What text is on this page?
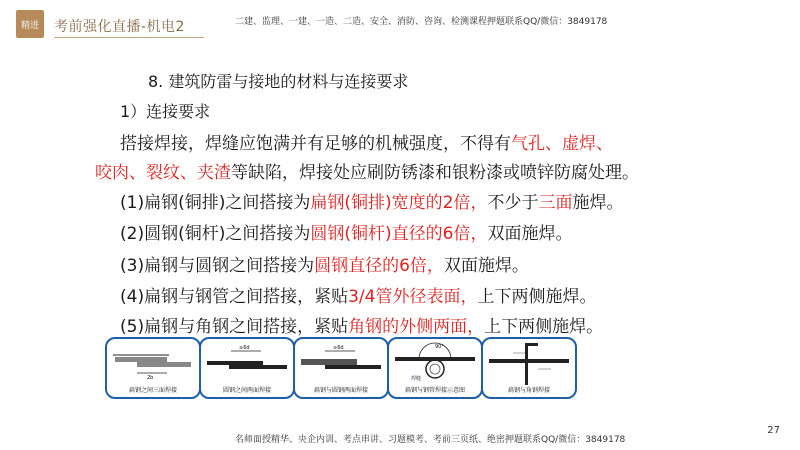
精进 考前强化直播-机电2	二建、监理、一建、一造、二造、安全、消防、咨询、检测课程押题联系QQ/微信：3849178
8. 建筑防雷与接地的材料与连接要求
1）连接要求
搭接焊接，焊缝应饱满并有足够的机械强度，不得有气孔、虚焊、
咬肉、裂纹、夹渣等缺陷，焊接处应刷防锈漆和银粉漆或喷锌防腐处理。
(1)扁钢(铜排)之间搭接为扁钢(铜排)宽度的2倍，不少于三面施焊。
(2)圆钢(铜杆)之间搭接为圆钢(铜杆)直径的6倍，双面施焊。
(3)扁钢与圆钢之间搭接为圆钢直径的6倍，双面施焊。
(4)扁钢与钢管之间搭接，紧贴3/4管外径表面，上下两侧施焊。
(5)扁钢与角钢之间搭接，紧贴角钢的外侧两面，上下两侧施焊。
2b
扁钢之间三面焊接
≥6d
圆钢之间两面焊接
≥6d
扁钢与圆钢两面焊接
90°
焊缝
扁钢与钢管焊接示意图	扁钢与角钢焊接
27
名师面授精华、央企内训、考点串讲、习题模考、考前三页纸、绝密押题联系QQ/微信：3849178
